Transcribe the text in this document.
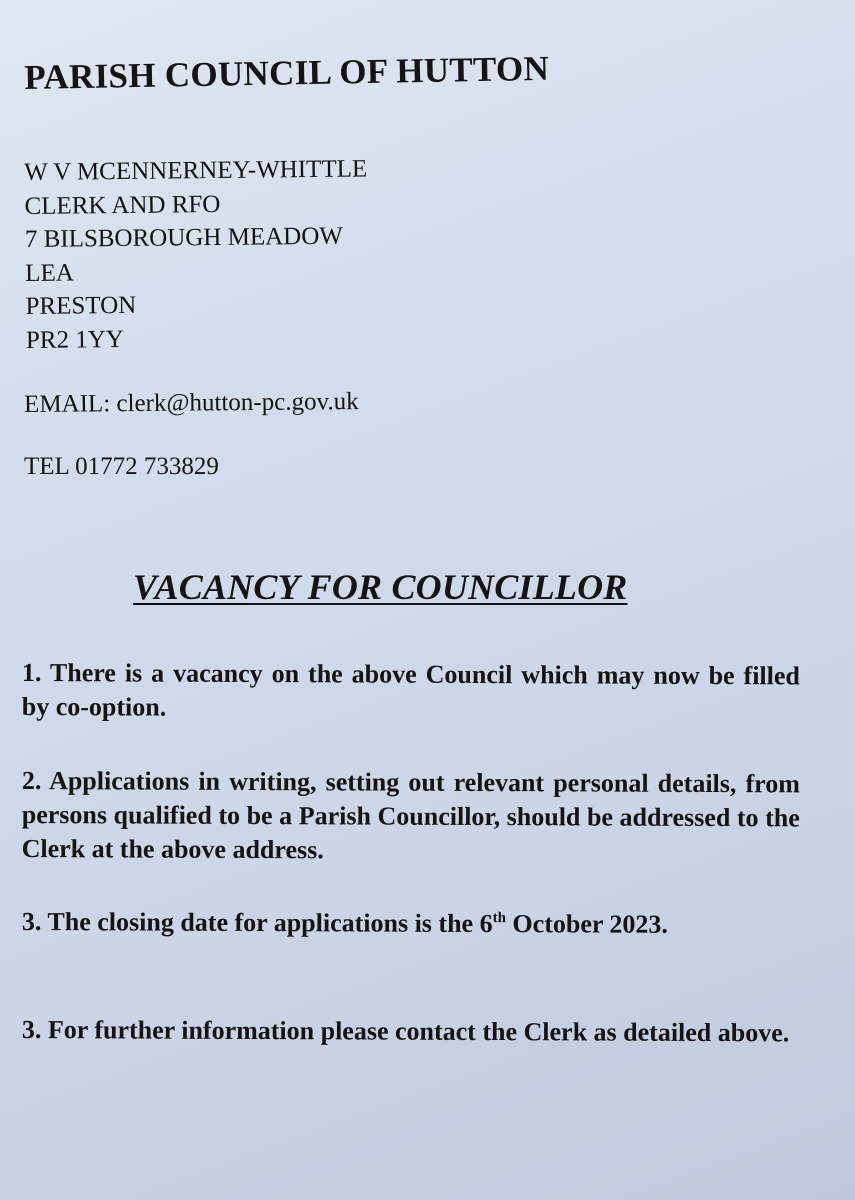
PARISH COUNCIL OF HUTTON
W V MCENNERNEY-WHITTLE
CLERK AND RFO
7 BILSBOROUGH MEADOW
LEA
PRESTON
PR2 1YY
EMAIL: clerk@hutton-pc.gov.uk
TEL 01772 733829
VACANCY FOR COUNCILLOR

1. There is a vacancy on the above Council which may now be filled by co-option.

2. Applications in writing, setting out relevant personal details, from persons qualified to be a Parish Councillor, should be addressed to the Clerk at the above address.

3. The closing date for applications is the 6th October 2023.

3. For further information please contact the Clerk as detailed above.
